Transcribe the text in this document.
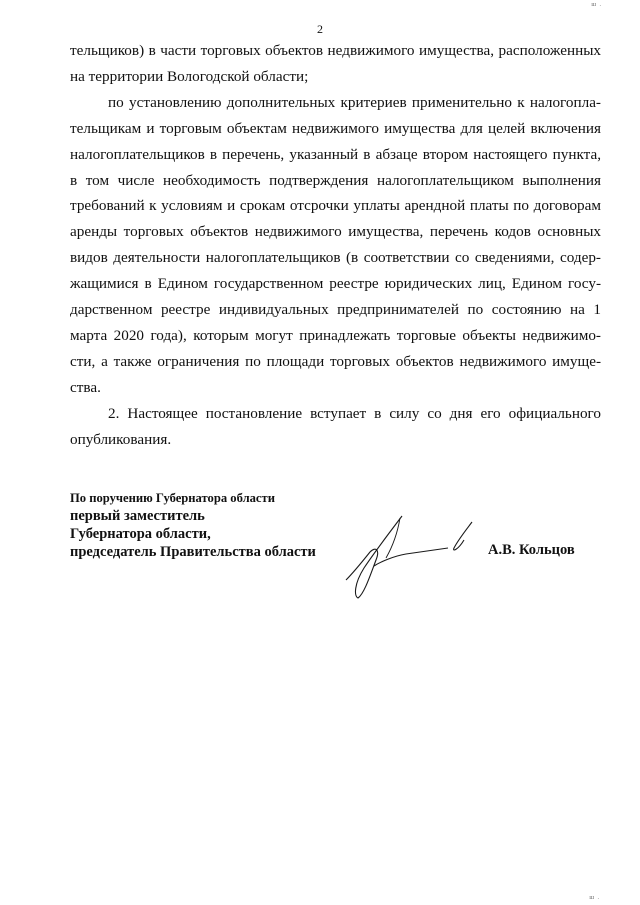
2
тельщиков) в части торговых объектов недвижимого имущества, расположенных
на территории Вологодской области;
по установлению дополнительных критериев применительно к налогопла-
тельщикам и торговым объектам недвижимого имущества для целей включения
налогоплательщиков в перечень, указанный в абзаце втором настоящего пункта,
в том числе необходимость подтверждения налогоплательщиком выполнения
требований к условиям и срокам отсрочки уплаты арендной платы по договорам
аренды торговых объектов недвижимого имущества, перечень кодов основных
видов деятельности налогоплательщиков (в соответствии со сведениями, содер-
жащимися в Едином государственном реестре юридических лиц, Едином госу-
дарственном реестре индивидуальных предпринимателей по состоянию на 1
марта 2020 года), которым могут принадлежать торговые объекты недвижимо-
сти, а также ограничения по площади торговых объектов недвижимого имуще-
ства.
2. Настоящее постановление вступает в силу со дня его официального
опубликования.
По поручению Губернатора области
первый заместитель
Губернатора области,
председатель Правительства области	А.В. Кольцов
ш .
ш .
